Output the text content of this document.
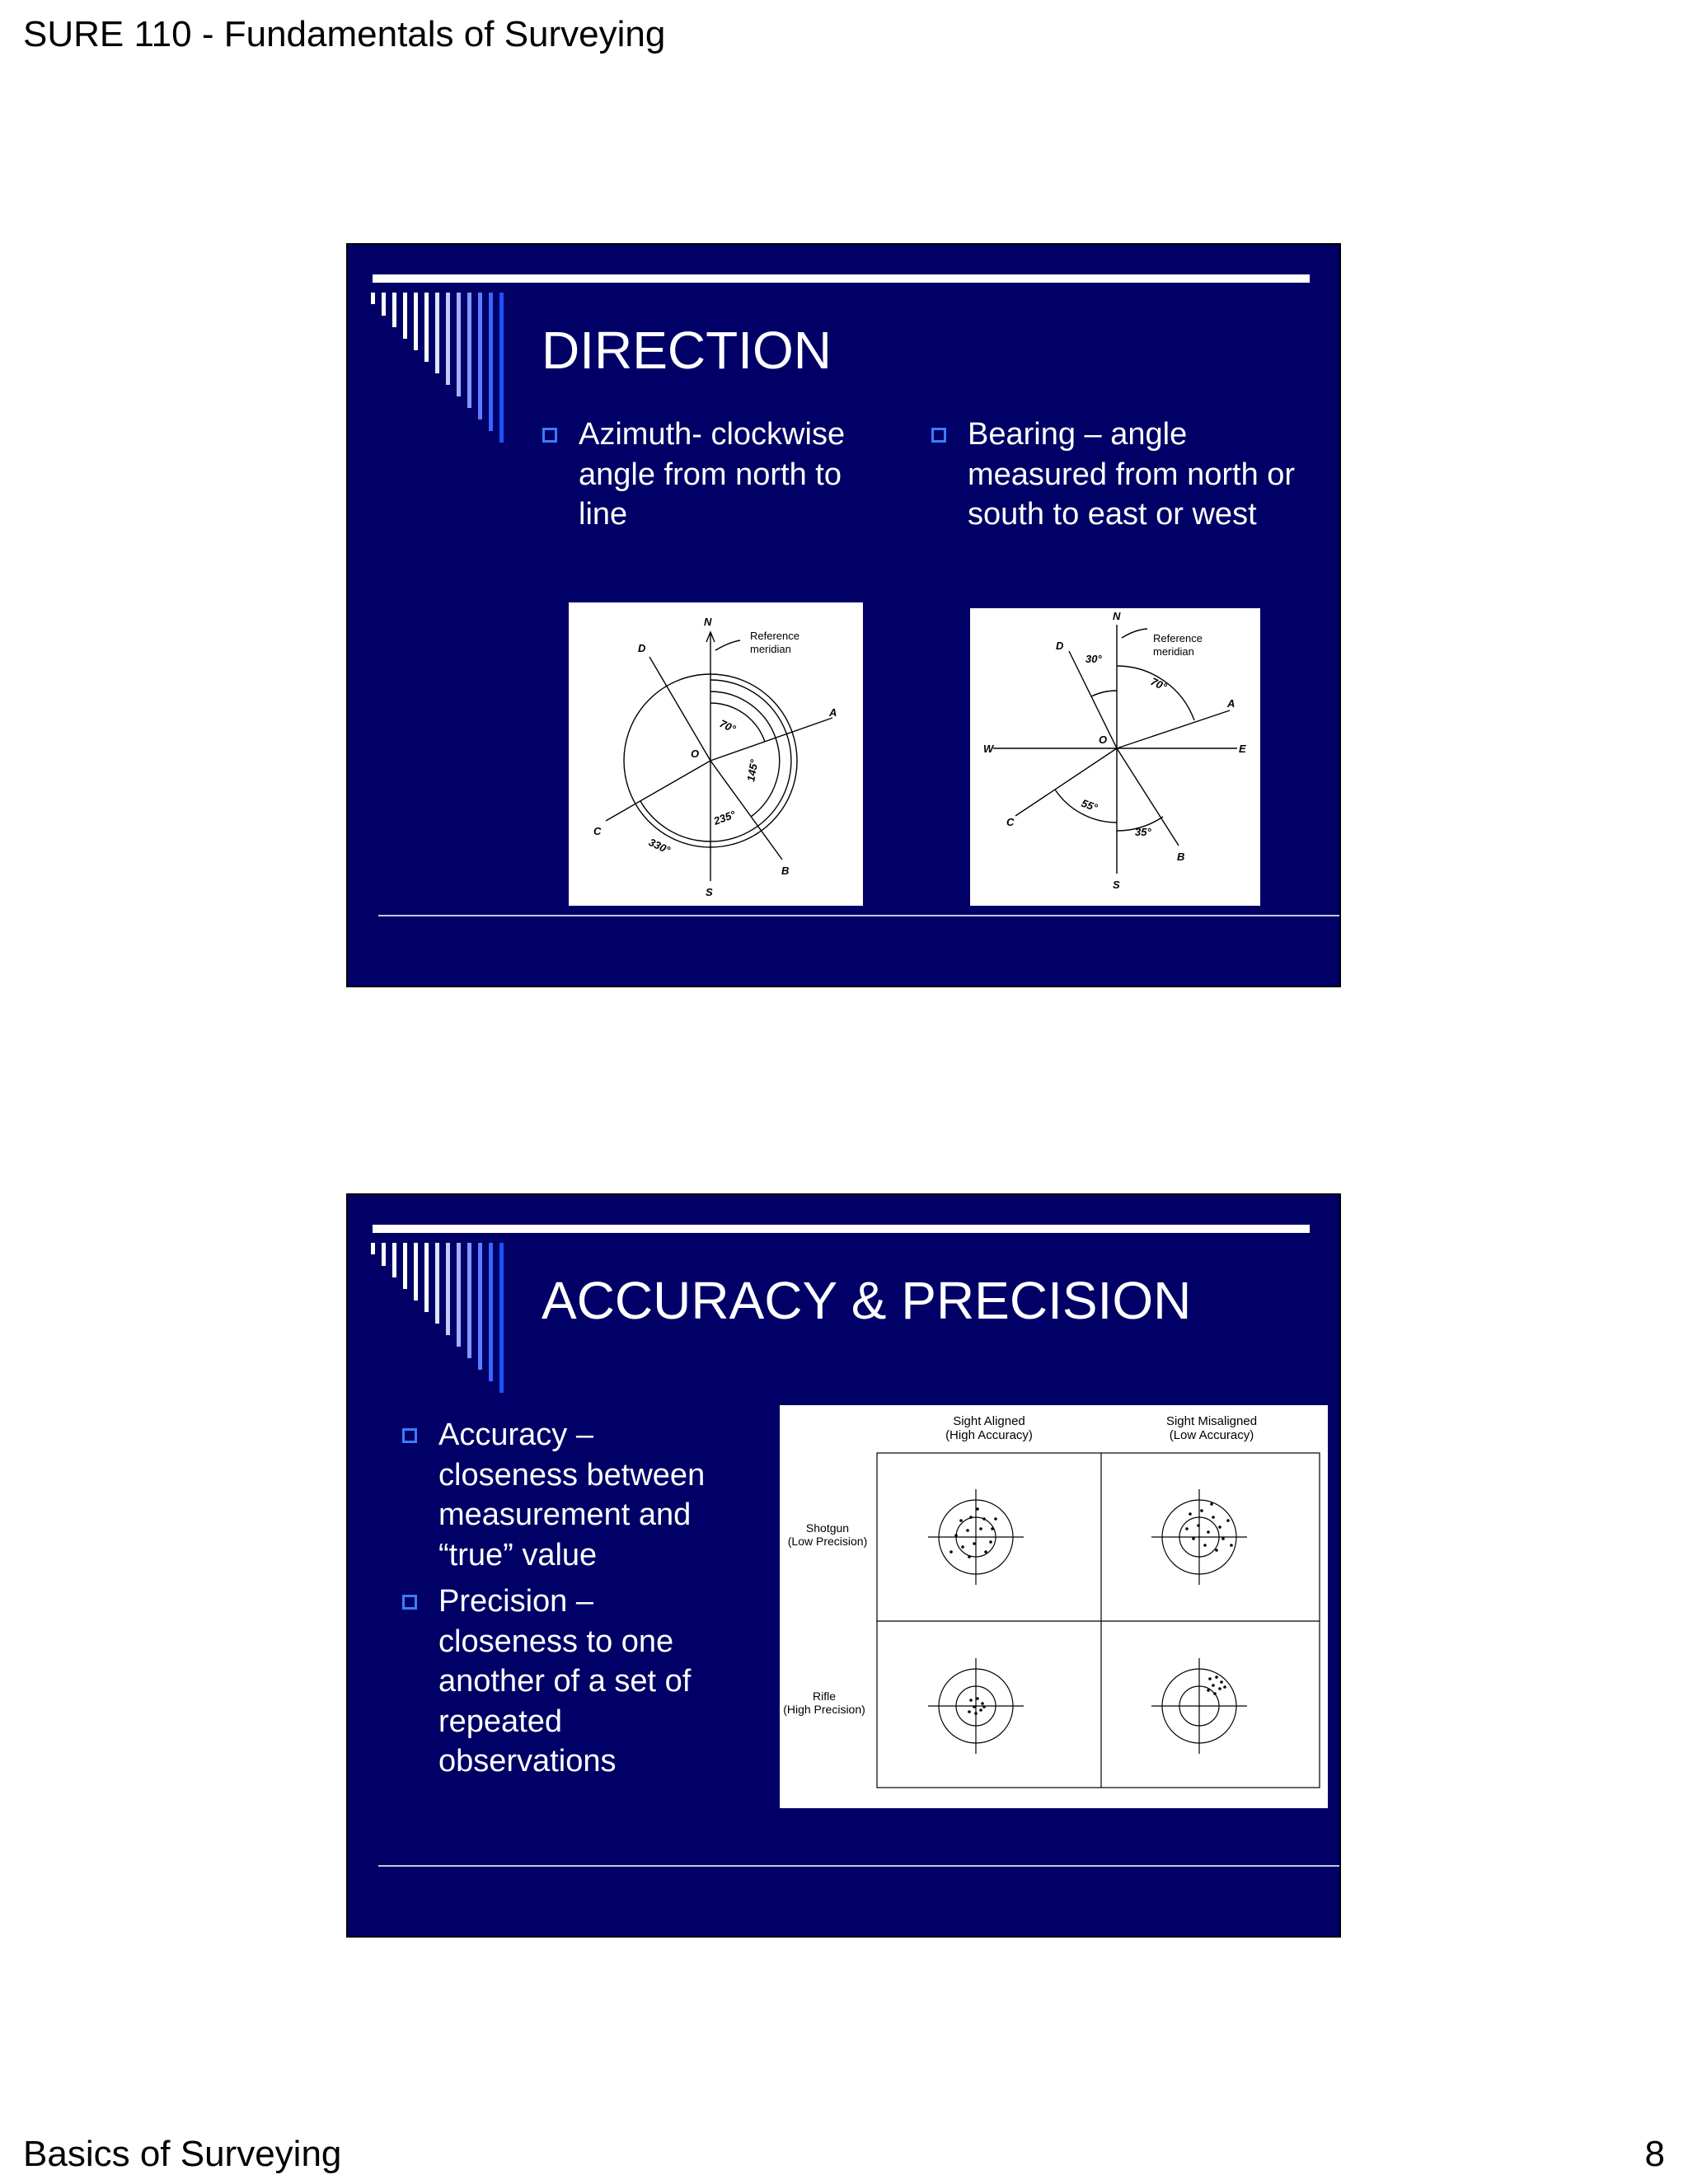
SURE 110 - Fundamentals of Surveying
DIRECTION
Azimuth- clockwise angle from north to line
Bearing – angle measured from north or south to east or west
N
S
A
B
C
D
O
Reference
meridian
70°
145°
235°
330°
N
S
E
W
A
B
C
D
O
Reference
meridian
30°
70°
55°
35°
ACCURACY & PRECISION
Accuracy – closeness between measurement and “true” value
Precision – closeness to one another of a set of repeated observations
Sight Aligned
(High Accuracy)
Sight Misaligned
(Low Accuracy)
Shotgun
(Low Precision)
Rifle
(High Precision)
Basics of Surveying	8
